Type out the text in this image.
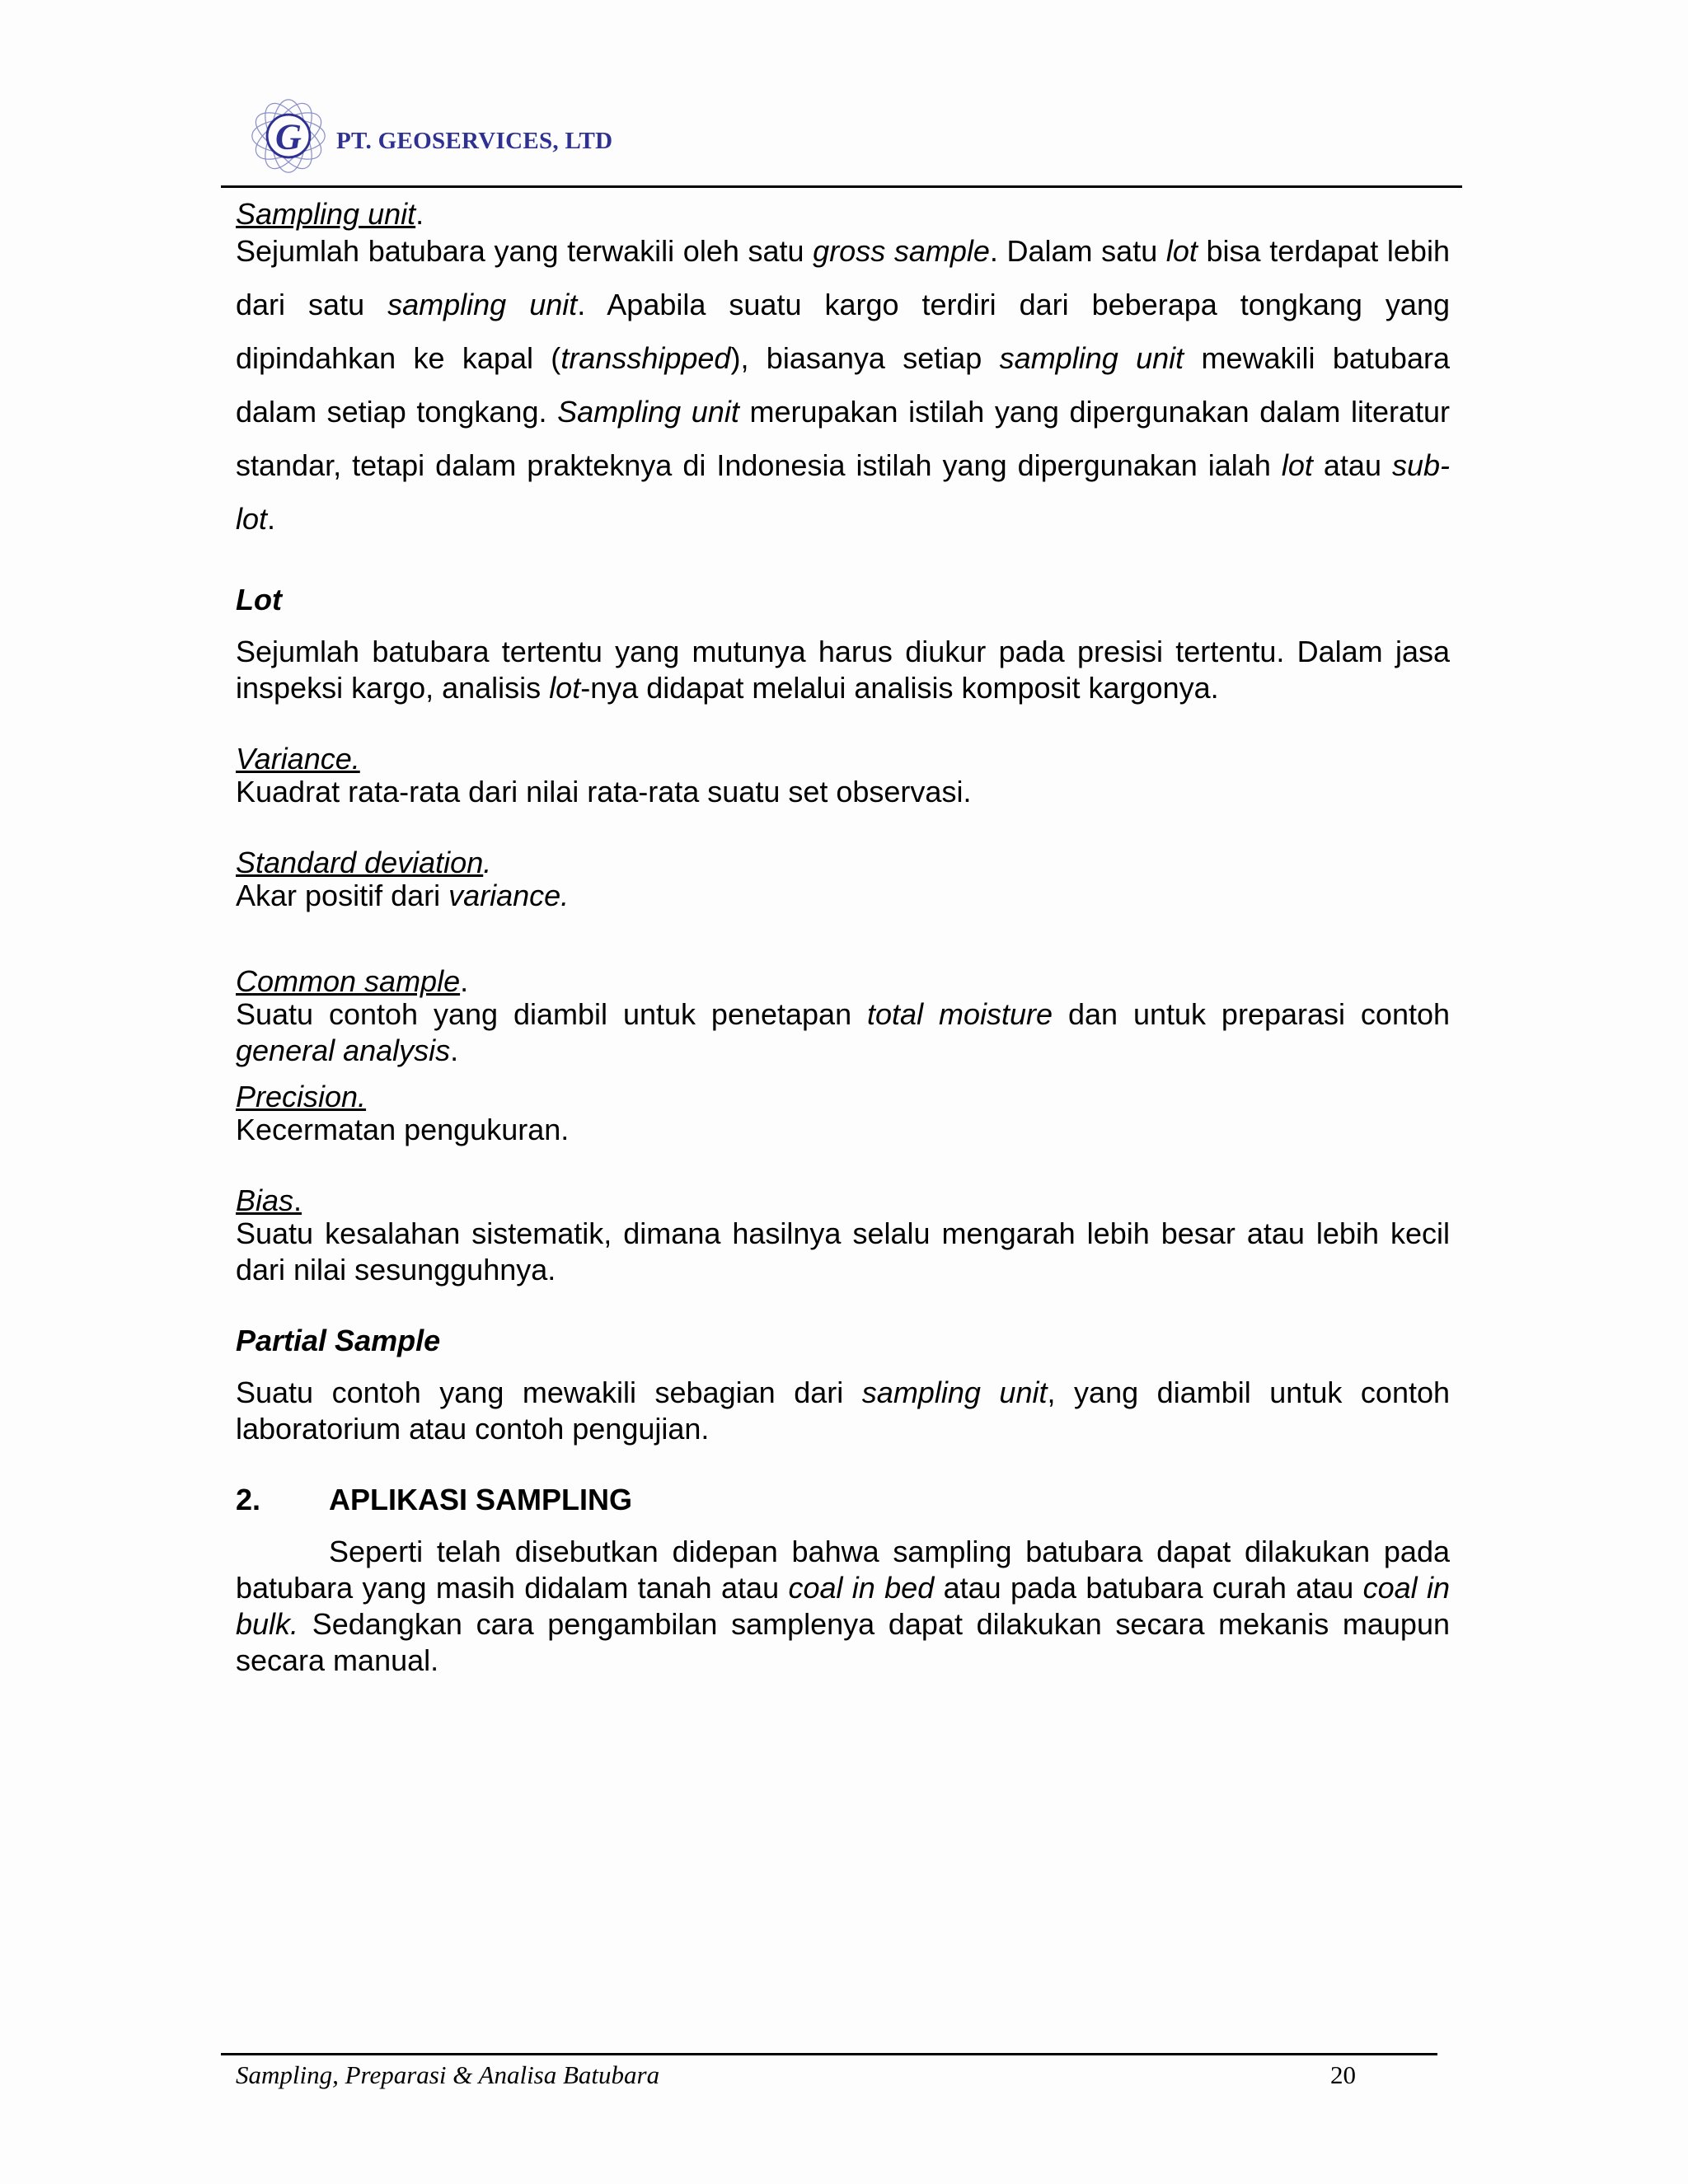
G PT. GEOSERVICES, LTD
Sampling unit.
Sejumlah batubara yang terwakili oleh satu gross sample. Dalam satu lot bisa terdapat lebih dari satu sampling unit. Apabila suatu kargo terdiri dari beberapa tongkang yang dipindahkan ke kapal (transshipped), biasanya setiap sampling unit mewakili batubara dalam setiap tongkang. Sampling unit merupakan istilah yang dipergunakan dalam literatur standar, tetapi dalam prakteknya di Indonesia istilah yang dipergunakan ialah lot atau sub-lot.
Lot
Sejumlah batubara tertentu yang mutunya harus diukur pada presisi tertentu. Dalam jasa inspeksi kargo, analisis lot-nya didapat melalui analisis komposit kargonya.
Variance.
Kuadrat rata-rata dari nilai rata-rata suatu set observasi.
Standard deviation.
Akar positif dari variance.
Common sample.
Suatu contoh yang diambil untuk penetapan total moisture dan untuk preparasi contoh general analysis.
Precision.
Kecermatan pengukuran.
Bias.
Suatu kesalahan sistematik, dimana hasilnya selalu mengarah lebih besar atau lebih kecil dari nilai sesungguhnya.
Partial Sample
Suatu contoh yang mewakili sebagian dari sampling unit, yang diambil untuk contoh laboratorium atau contoh pengujian.
2.	APLIKASI SAMPLING
Seperti telah disebutkan didepan bahwa sampling batubara dapat dilakukan pada batubara yang masih didalam tanah atau coal in bed atau pada batubara curah atau coal in bulk. Sedangkan cara pengambilan samplenya dapat dilakukan secara mekanis maupun secara manual.
Sampling, Preparasi & Analisa Batubara	20
